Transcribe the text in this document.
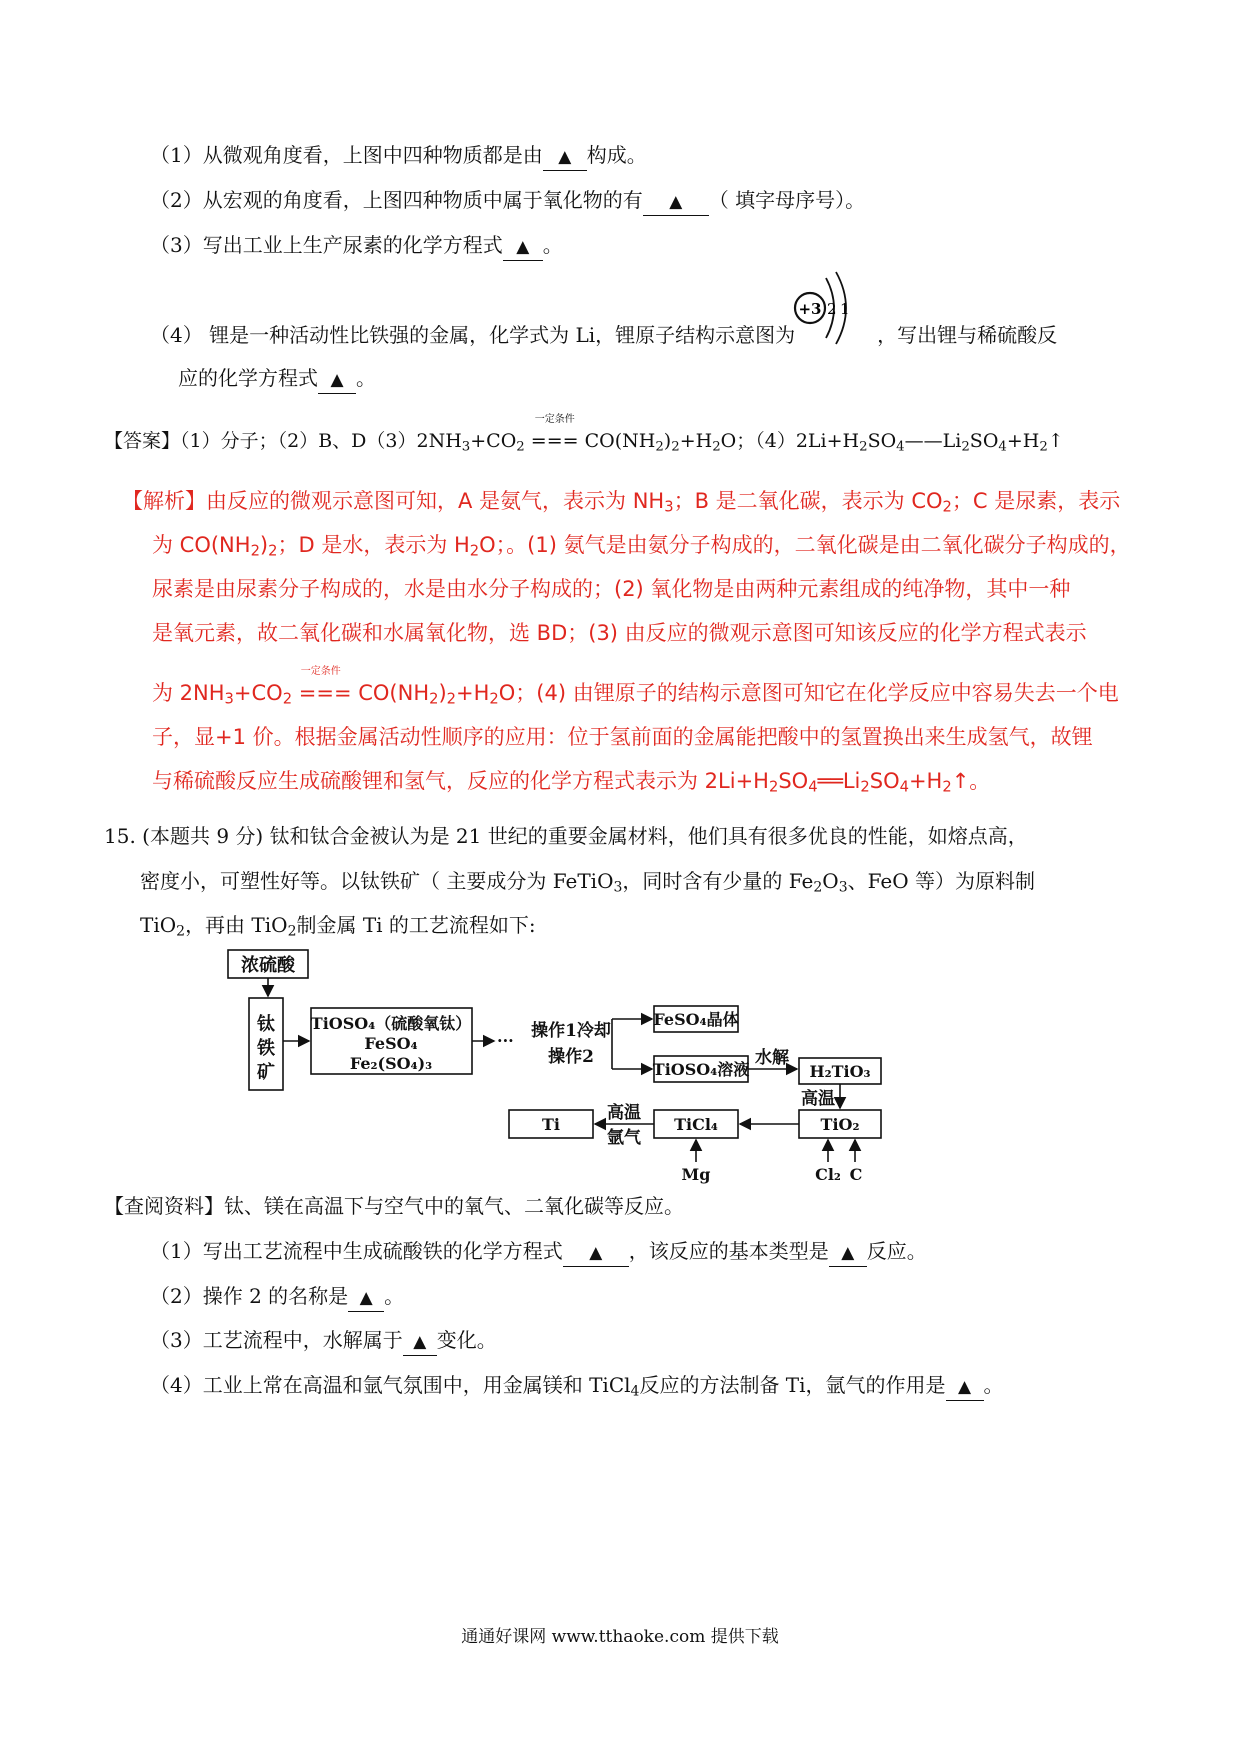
（1）从微观角度看，上图中四种物质都是由 ▲ 构成。
（2）从宏观的角度看，上图四种物质中属于氧化物的有 ▲ （ 填字母序号）。
（3）写出工业上生产尿素的化学方程式 ▲ 。
+3 2 1
（4） 锂是一种活动性比铁强的金属，化学式为 Li，锂原子结构示意图为	，写出锂与稀硫酸反
应的化学方程式 ▲ 。
【答案】（1）分子；（2）B、$D(3)2NH_3+CO_2$
一定条件
=== $CO(NH_2)_2+H_2O$；$(4)2Li+H_2SO_4——Li_2SO_4+H_2↑$
【解析】由反应的微观示意图可知，A 是氨气，表示为 $NH_3$；B 是二氧化碳，表示为 $CO_2$；C 是尿素，表示
为 $CO(NH_2)_2$；D 是水，表示为 $H_2O$；。(1) 氨气是由氨分子构成的，二氧化碳是由二氧化碳分子构成的，
尿素是由尿素分子构成的，水是由水分子构成的；(2) 氧化物是由两种元素组成的纯净物，其中一种
是氧元素，故二氧化碳和水属氧化物，选 BD；(3) 由反应的微观示意图可知该反应的化学方程式表示
为 $2NH_3+CO_2$
一定条件
=== $CO(NH_2)_2+H_2O$；(4) 由锂原子的结构示意图可知它在化学反应中容易失去一个电
子，显+1 价。根据金属活动性顺序的应用：位于氢前面的金属能把酸中的氢置换出来生成氢气，故锂
与稀硫酸反应生成硫酸锂和氢气，反应的化学方程式表示为 $2Li+H_2SO_4══Li_2SO_4+H_2↑$。
15. (本题共 9 分) 钛和钛合金被认为是 21 世纪的重要金属材料，他们具有很多优良的性能，如熔点高，
密度小，可塑性好等。以钛铁矿（ 主要成分为 FeTiO$_3$，同时含有少量的 $Fe_2O_3$、FeO 等）为原料制
TiO$_2$，再由 TiO$_2$制金属 Ti 的工艺流程如下:
浓硫酸
钛
铁
矿
TiOSO₄（硫酸氧钛）
FeSO₄
Fe₂(SO₄)₃
··· 操作1冷却
操作2
FeSO₄晶体
TiOSO₄溶液
水解
H₂TiO₃
高温
TiO₂
TiCl₄
Ti
高温
氩气
Mg	Cl₂ C
【查阅资料】钛、镁在高温下与空气中的氧气、二氧化碳等反应。
（1）写出工艺流程中生成硫酸铁的化学方程式 ▲ ，该反应的基本类型是 ▲ 反应。
（2）操作 2 的名称是 ▲ 。
（3）工艺流程中，水解属于 ▲ 变化。
（4）工业上常在高温和氩气氛围中，用金属镁和 TiCl$_4$反应的方法制备 Ti，氩气的作用是 ▲ 。
通通好课网 www.tthaoke.com 提供下载
